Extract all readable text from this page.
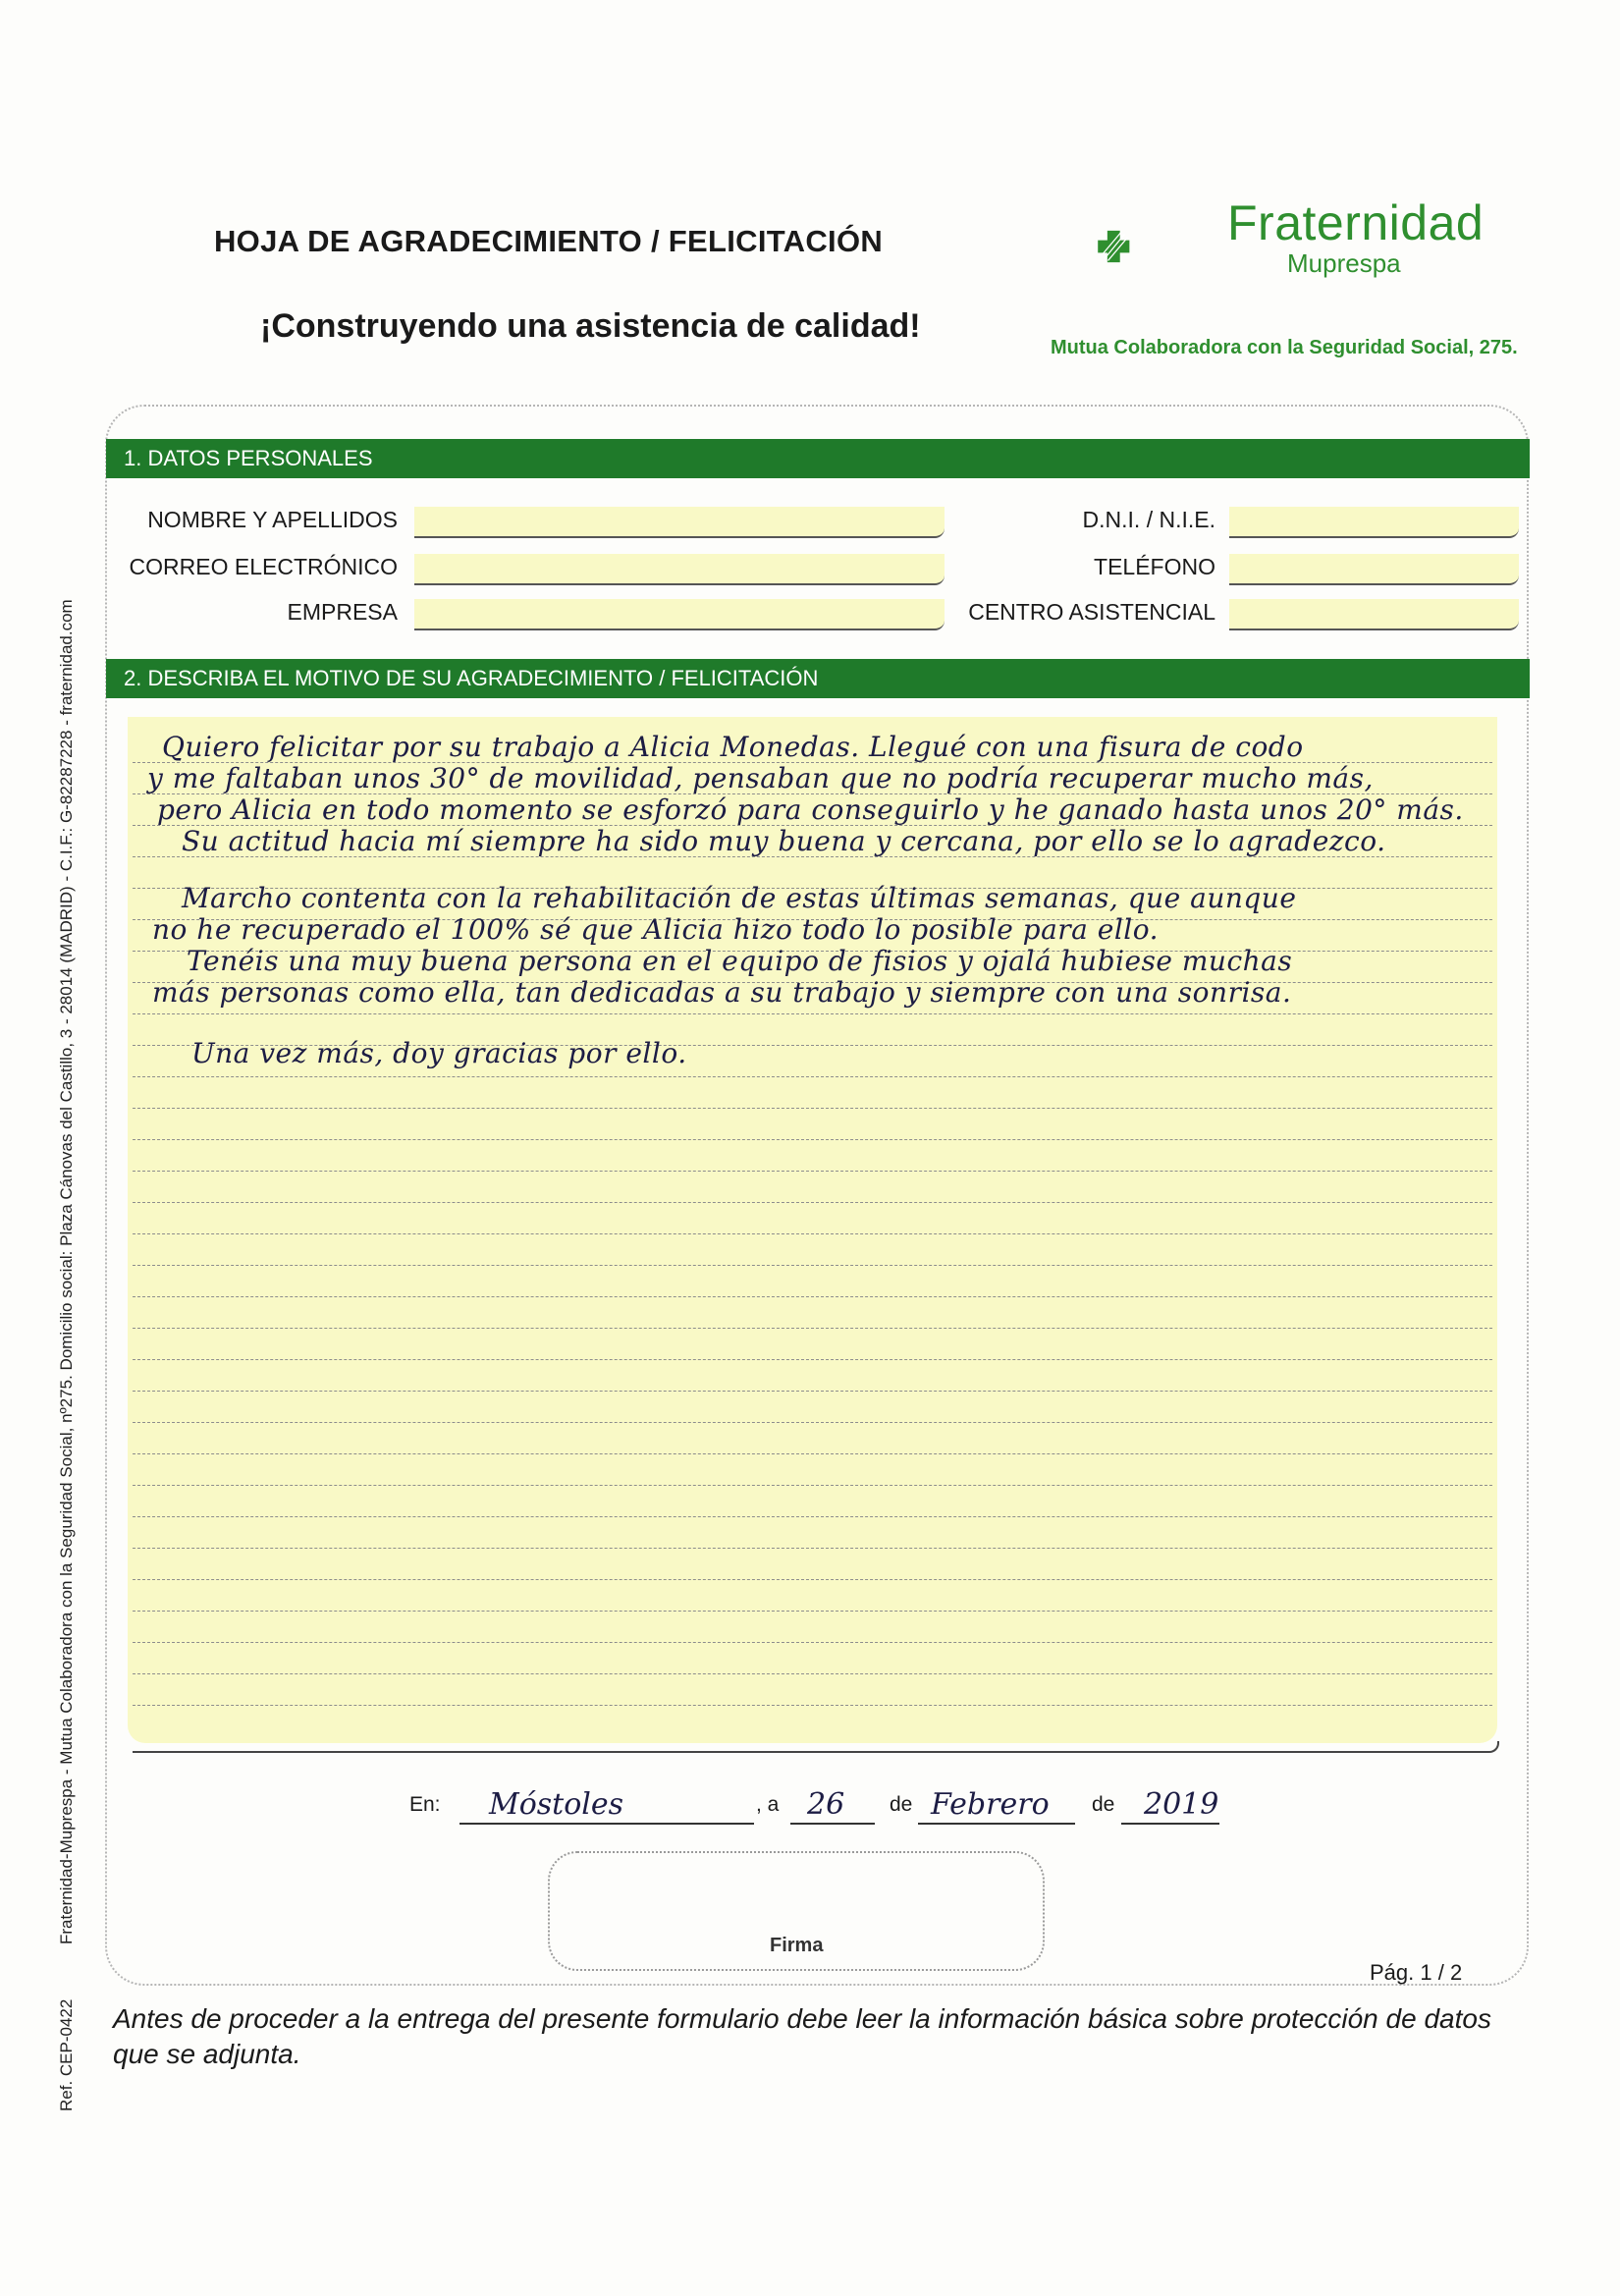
HOJA DE AGRADECIMIENTO / FELICITACIÓN
¡Construyendo una asistencia de calidad!
Fraternidad
Muprespa
Mutua Colaboradora con la Seguridad Social, 275.
1. DATOS PERSONALES
NOMBRE Y APELLIDOS	D.N.I. / N.I.E.
CORREO ELECTRÓNICO	TELÉFONO
EMPRESA	CENTRO ASISTENCIAL
2. DESCRIBA EL MOTIVO DE SU AGRADECIMIENTO / FELICITACIÓN
Quiero felicitar por su trabajo a Alicia Monedas. Llegué con una fisura de codo
y me faltaban unos 30° de movilidad, pensaban que no podría recuperar mucho más,
pero Alicia en todo momento se esforzó para conseguirlo y he ganado hasta unos 20° más.
Su actitud hacia mí siempre ha sido muy buena y cercana, por ello se lo agradezco.
Marcho contenta con la rehabilitación de estas últimas semanas, que aunque
no he recuperado el 100% sé que Alicia hizo todo lo posible para ello.
Tenéis una muy buena persona en el equipo de fisios y ojalá hubiese muchas
más personas como ella, tan dedicadas a su trabajo y siempre con una sonrisa.
Una vez más, doy gracias por ello.
En: Móstoles	, a 26 de Febrero de 2019
Firma
Pág. 1 / 2
Antes de proceder a la entrega del presente formulario debe leer la información básica sobre protección de datos que se adjunta.
Fraternidad-Muprespa - Mutua Colaboradora con la Seguridad Social, nº275. Domicilio social: Plaza Cánovas del Castillo, 3 - 28014 (MADRID) - C.I.F.: G-82287228 - fraternidad.com
Ref. CEP-0422
